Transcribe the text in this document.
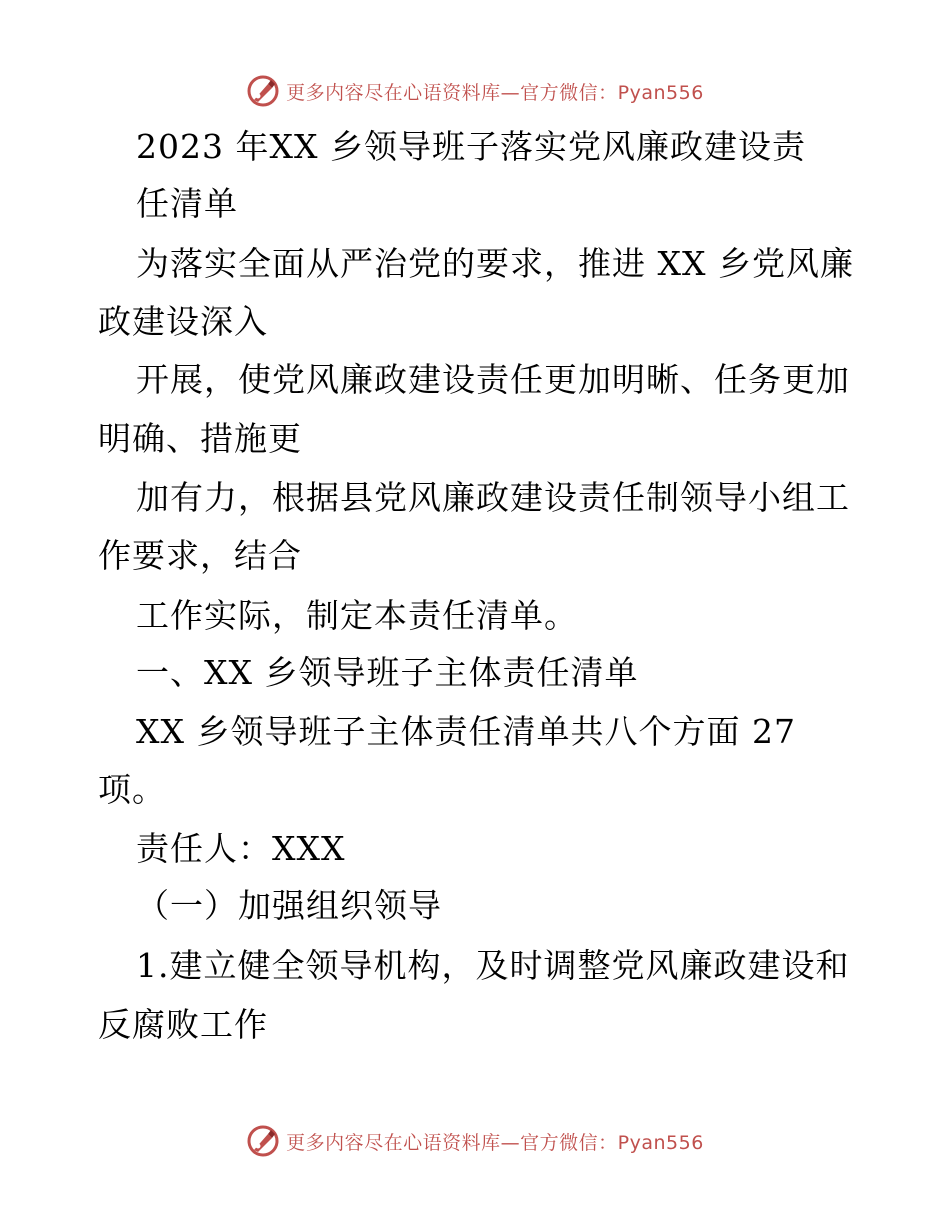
更多内容尽在心语资料库—官方微信：Pyan556
2023 年XX 乡领导班子落实党风廉政建设责
任清单
为落实全面从严治党的要求，推进 XX 乡党风廉
政建设深入
开展，使党风廉政建设责任更加明晰、任务更加
明确、措施更
加有力，根据县党风廉政建设责任制领导小组工
作要求，结合
工作实际，制定本责任清单。
一、XX 乡领导班子主体责任清单
XX 乡领导班子主体责任清单共八个方面 27
项。
责任人：XXX
（一）加强组织领导
1.建立健全领导机构，及时调整党风廉政建设和
反腐败工作
更多内容尽在心语资料库—官方微信：Pyan556
